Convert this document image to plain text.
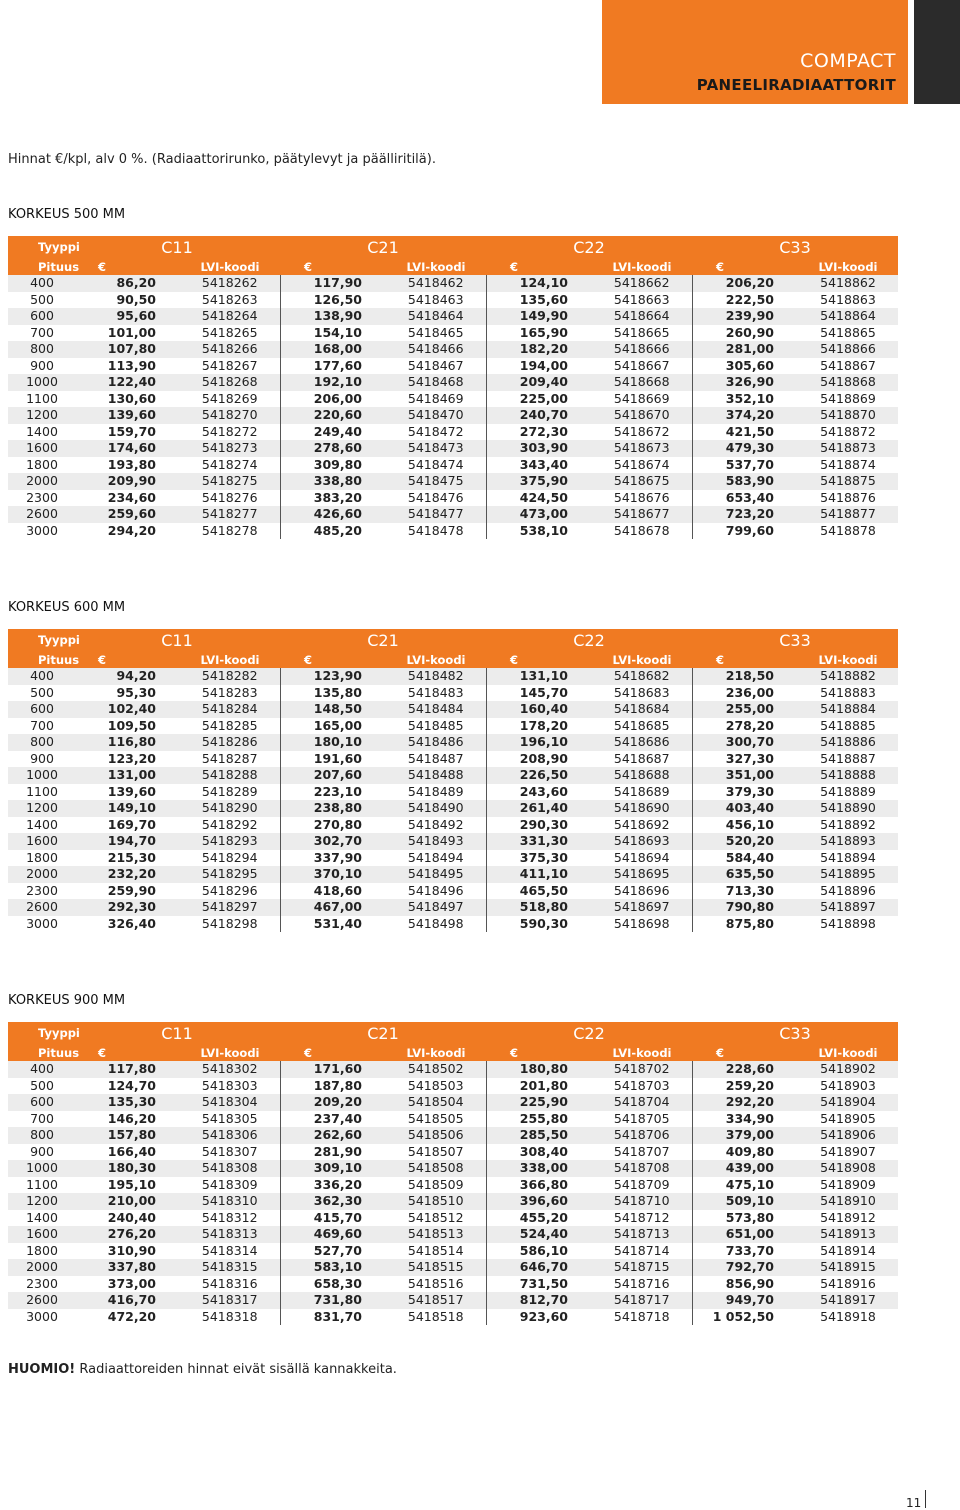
COMPACT
PANEELIRADIAATTORIT
Hinnat €/kpl, alv 0 %. (Radiaattorirunko, päätylevyt ja päälliritilä).
KORKEUS 500 MM
Tyyppi	C11		C21		C22		C33	
Pituus	€	LVI-koodi	€	LVI-koodi	€	LVI-koodi	€	LVI-koodi
400	86,20	5418262	117,90	5418462	124,10	5418662	206,20	5418862
500	90,50	5418263	126,50	5418463	135,60	5418663	222,50	5418863
600	95,60	5418264	138,90	5418464	149,90	5418664	239,90	5418864
700	101,00	5418265	154,10	5418465	165,90	5418665	260,90	5418865
800	107,80	5418266	168,00	5418466	182,20	5418666	281,00	5418866
900	113,90	5418267	177,60	5418467	194,00	5418667	305,60	5418867
1000	122,40	5418268	192,10	5418468	209,40	5418668	326,90	5418868
1100	130,60	5418269	206,00	5418469	225,00	5418669	352,10	5418869
1200	139,60	5418270	220,60	5418470	240,70	5418670	374,20	5418870
1400	159,70	5418272	249,40	5418472	272,30	5418672	421,50	5418872
1600	174,60	5418273	278,60	5418473	303,90	5418673	479,30	5418873
1800	193,80	5418274	309,80	5418474	343,40	5418674	537,70	5418874
2000	209,90	5418275	338,80	5418475	375,90	5418675	583,90	5418875
2300	234,60	5418276	383,20	5418476	424,50	5418676	653,40	5418876
2600	259,60	5418277	426,60	5418477	473,00	5418677	723,20	5418877
3000	294,20	5418278	485,20	5418478	538,10	5418678	799,60	5418878
KORKEUS 600 MM
Tyyppi	C11		C21		C22		C33	
Pituus	€	LVI-koodi	€	LVI-koodi	€	LVI-koodi	€	LVI-koodi
400	94,20	5418282	123,90	5418482	131,10	5418682	218,50	5418882
500	95,30	5418283	135,80	5418483	145,70	5418683	236,00	5418883
600	102,40	5418284	148,50	5418484	160,40	5418684	255,00	5418884
700	109,50	5418285	165,00	5418485	178,20	5418685	278,20	5418885
800	116,80	5418286	180,10	5418486	196,10	5418686	300,70	5418886
900	123,20	5418287	191,60	5418487	208,90	5418687	327,30	5418887
1000	131,00	5418288	207,60	5418488	226,50	5418688	351,00	5418888
1100	139,60	5418289	223,10	5418489	243,60	5418689	379,30	5418889
1200	149,10	5418290	238,80	5418490	261,40	5418690	403,40	5418890
1400	169,70	5418292	270,80	5418492	290,30	5418692	456,10	5418892
1600	194,70	5418293	302,70	5418493	331,30	5418693	520,20	5418893
1800	215,30	5418294	337,90	5418494	375,30	5418694	584,40	5418894
2000	232,20	5418295	370,10	5418495	411,10	5418695	635,50	5418895
2300	259,90	5418296	418,60	5418496	465,50	5418696	713,30	5418896
2600	292,30	5418297	467,00	5418497	518,80	5418697	790,80	5418897
3000	326,40	5418298	531,40	5418498	590,30	5418698	875,80	5418898
KORKEUS 900 MM
Tyyppi	C11		C21		C22		C33	
Pituus	€	LVI-koodi	€	LVI-koodi	€	LVI-koodi	€	LVI-koodi
400	117,80	5418302	171,60	5418502	180,80	5418702	228,60	5418902
500	124,70	5418303	187,80	5418503	201,80	5418703	259,20	5418903
600	135,30	5418304	209,20	5418504	225,90	5418704	292,20	5418904
700	146,20	5418305	237,40	5418505	255,80	5418705	334,90	5418905
800	157,80	5418306	262,60	5418506	285,50	5418706	379,00	5418906
900	166,40	5418307	281,90	5418507	308,40	5418707	409,80	5418907
1000	180,30	5418308	309,10	5418508	338,00	5418708	439,00	5418908
1100	195,10	5418309	336,20	5418509	366,80	5418709	475,10	5418909
1200	210,00	5418310	362,30	5418510	396,60	5418710	509,10	5418910
1400	240,40	5418312	415,70	5418512	455,20	5418712	573,80	5418912
1600	276,20	5418313	469,60	5418513	524,40	5418713	651,00	5418913
1800	310,90	5418314	527,70	5418514	586,10	5418714	733,70	5418914
2000	337,80	5418315	583,10	5418515	646,70	5418715	792,70	5418915
2300	373,00	5418316	658,30	5418516	731,50	5418716	856,90	5418916
2600	416,70	5418317	731,80	5418517	812,70	5418717	949,70	5418917
3000	472,20	5418318	831,70	5418518	923,60	5418718	1 052,50	5418918
HUOMIO! Radiaattoreiden hinnat eivät sisällä kannakkeita.
11
